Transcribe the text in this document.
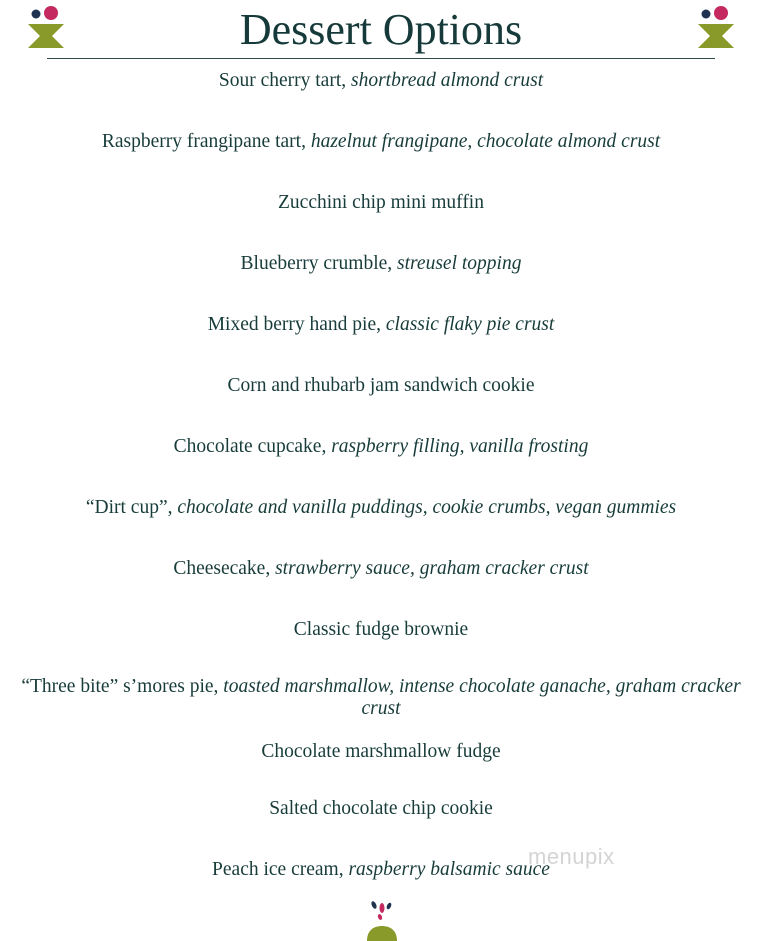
Dessert Options
Sour cherry tart, shortbread almond crust
Raspberry frangipane tart, hazelnut frangipane, chocolate almond crust
Zucchini chip mini muffin
Blueberry crumble, streusel topping
Mixed berry hand pie, classic flaky pie crust
Corn and rhubarb jam sandwich cookie
Chocolate cupcake, raspberry filling, vanilla frosting
“Dirt cup”, chocolate and vanilla puddings, cookie crumbs, vegan gummies
Cheesecake, strawberry sauce, graham cracker crust
Classic fudge brownie
“Three bite” s’mores pie, toasted marshmallow, intense chocolate ganache, graham cracker crust
Chocolate marshmallow fudge
Salted chocolate chip cookie
Peach ice cream, raspberry balsamic sauce
menupix
